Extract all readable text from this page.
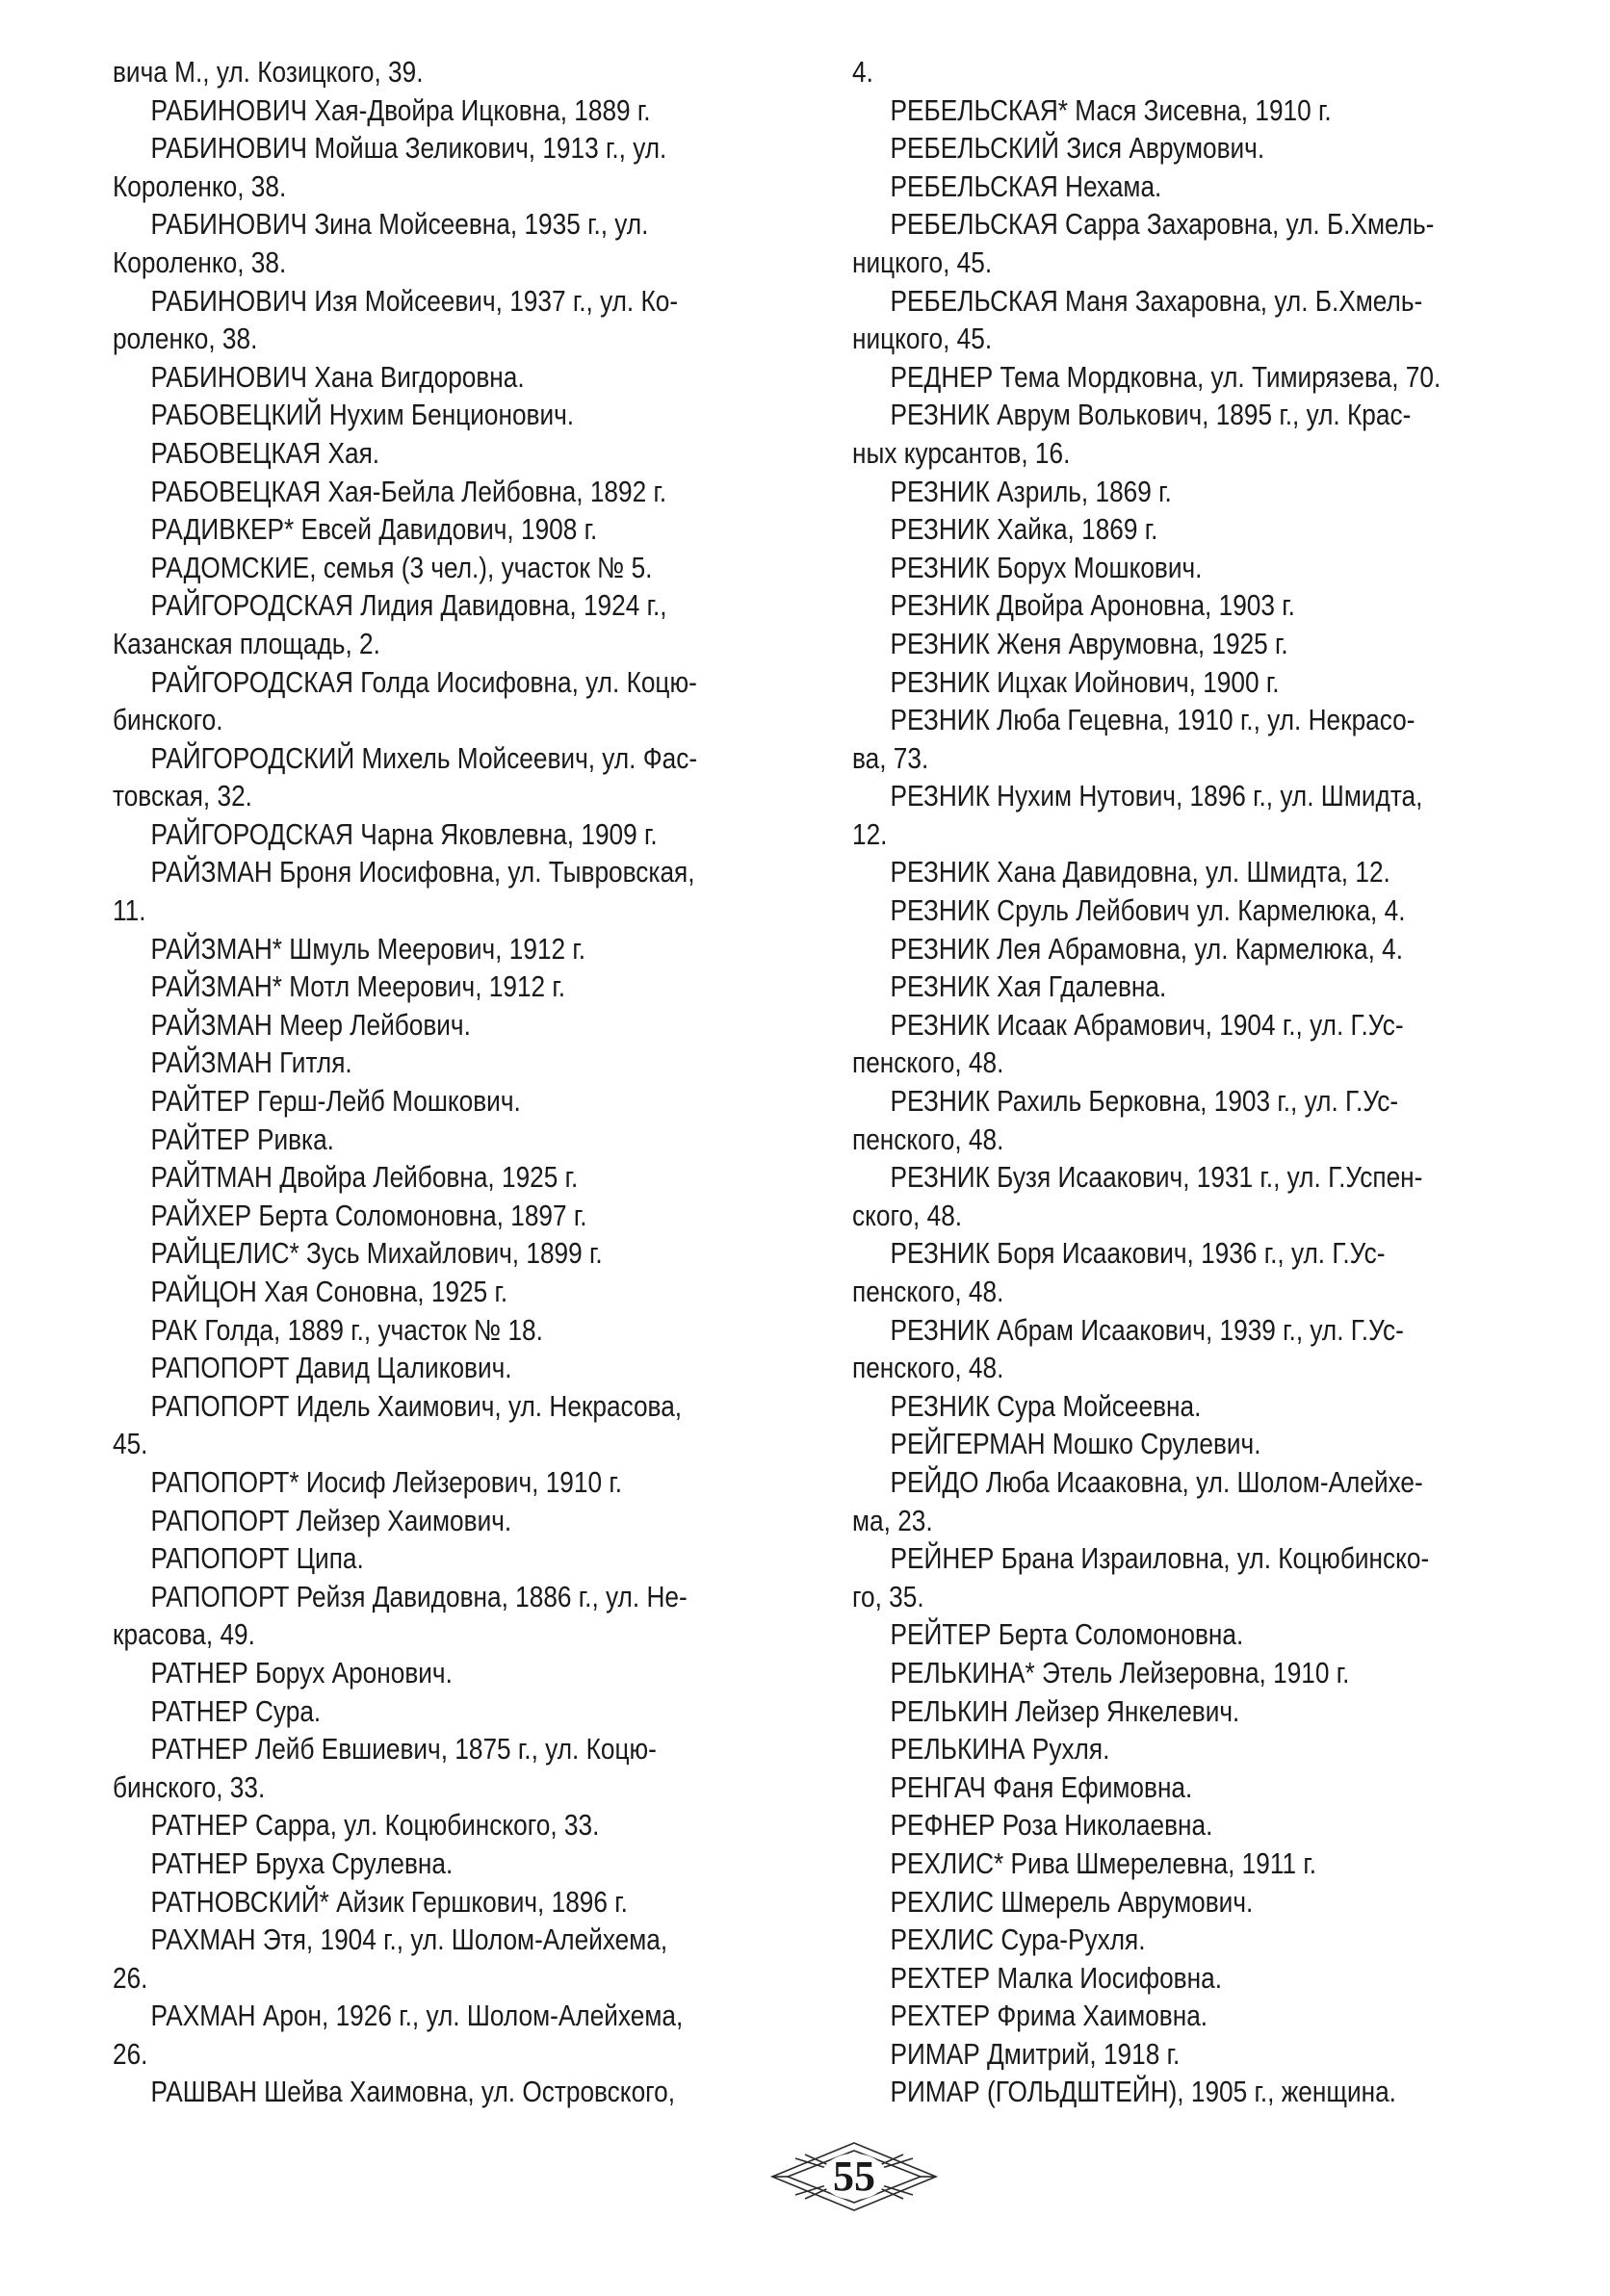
вича М., ул. Козицкого, 39.
РАБИНОВИЧ Хая-Двойра Ицковна, 1889 г.
РАБИНОВИЧ Мойша Зеликович, 1913 г., ул.
Короленко, 38.
РАБИНОВИЧ Зина Мойсеевна, 1935 г., ул.
Короленко, 38.
РАБИНОВИЧ Изя Мойсеевич, 1937 г., ул. Ко-
роленко, 38.
РАБИНОВИЧ Хана Вигдоровна.
РАБОВЕЦКИЙ Нухим Бенционович.
РАБОВЕЦКАЯ Хая.
РАБОВЕЦКАЯ Хая-Бейла Лейбовна, 1892 г.
РАДИВКЕР* Евсей Давидович, 1908 г.
РАДОМСКИЕ, семья (3 чел.), участок № 5.
РАЙГОРОДСКАЯ Лидия Давидовна, 1924 г.,
Казанская площадь, 2.
РАЙГОРОДСКАЯ Голда Иосифовна, ул. Коцю-
бинского.
РАЙГОРОДСКИЙ Михель Мойсеевич, ул. Фас-
товская, 32.
РАЙГОРОДСКАЯ Чарна Яковлевна, 1909 г.
РАЙЗМАН Броня Иосифовна, ул. Тывровская,
11.
РАЙЗМАН* Шмуль Меерович, 1912 г.
РАЙЗМАН* Мотл Меерович, 1912 г.
РАЙЗМАН Меер Лейбович.
РАЙЗМАН Гитля.
РАЙТЕР Герш-Лейб Мошкович.
РАЙТЕР Ривка.
РАЙТМАН Двойра Лейбовна, 1925 г.
РАЙХЕР Берта Соломоновна, 1897 г.
РАЙЦЕЛИС* Зусь Михайлович, 1899 г.
РАЙЦОН Хая Соновна, 1925 г.
РАК Голда, 1889 г., участок № 18.
РАПОПОРТ Давид Цаликович.
РАПОПОРТ Идель Хаимович, ул. Некрасова,
45.
РАПОПОРТ* Иосиф Лейзерович, 1910 г.
РАПОПОРТ Лейзер Хаимович.
РАПОПОРТ Ципа.
РАПОПОРТ Рейзя Давидовна, 1886 г., ул. Не-
красова, 49.
РАТНЕР Борух Аронович.
РАТНЕР Сура.
РАТНЕР Лейб Евшиевич, 1875 г., ул. Коцю-
бинского, 33.
РАТНЕР Сарра, ул. Коцюбинского, 33.
РАТНЕР Бруха Срулевна.
РАТНОВСКИЙ* Айзик Гершкович, 1896 г.
РАХМАН Этя, 1904 г., ул. Шолом-Алейхема,
26.
РАХМАН Арон, 1926 г., ул. Шолом-Алейхема,
26.
РАШВАН Шейва Хаимовна, ул. Островского,
4.
РЕБЕЛЬСКАЯ* Мася Зисевна, 1910 г.
РЕБЕЛЬСКИЙ Зися Аврумович.
РЕБЕЛЬСКАЯ Нехама.
РЕБЕЛЬСКАЯ Сарра Захаровна, ул. Б.Хмель-
ницкого, 45.
РЕБЕЛЬСКАЯ Маня Захаровна, ул. Б.Хмель-
ницкого, 45.
РЕДНЕР Тема Мордковна, ул. Тимирязева, 70.
РЕЗНИК Аврум Волькович, 1895 г., ул. Крас-
ных курсантов, 16.
РЕЗНИК Азриль, 1869 г.
РЕЗНИК Хайка, 1869 г.
РЕЗНИК Борух Мошкович.
РЕЗНИК Двойра Ароновна, 1903 г.
РЕЗНИК Женя Аврумовна, 1925 г.
РЕЗНИК Ицхак Иойнович, 1900 г.
РЕЗНИК Люба Гецевна, 1910 г., ул. Некрасо-
ва, 73.
РЕЗНИК Нухим Нутович, 1896 г., ул. Шмидта,
12.
РЕЗНИК Хана Давидовна, ул. Шмидта, 12.
РЕЗНИК Сруль Лейбович ул. Кармелюка, 4.
РЕЗНИК Лея Абрамовна, ул. Кармелюка, 4.
РЕЗНИК Хая Гдалевна.
РЕЗНИК Исаак Абрамович, 1904 г., ул. Г.Ус-
пенского, 48.
РЕЗНИК Рахиль Берковна, 1903 г., ул. Г.Ус-
пенского, 48.
РЕЗНИК Бузя Исаакович, 1931 г., ул. Г.Успен-
ского, 48.
РЕЗНИК Боря Исаакович, 1936 г., ул. Г.Ус-
пенского, 48.
РЕЗНИК Абрам Исаакович, 1939 г., ул. Г.Ус-
пенского, 48.
РЕЗНИК Сура Мойсеевна.
РЕЙГЕРМАН Мошко Срулевич.
РЕЙДО Люба Исааковна, ул. Шолом-Алейхе-
ма, 23.
РЕЙНЕР Брана Израиловна, ул. Коцюбинско-
го, 35.
РЕЙТЕР Берта Соломоновна.
РЕЛЬКИНА* Этель Лейзеровна, 1910 г.
РЕЛЬКИН Лейзер Янкелевич.
РЕЛЬКИНА Рухля.
РЕНГАЧ Фаня Ефимовна.
РЕФНЕР Роза Николаевна.
РЕХЛИС* Рива Шмерелевна, 1911 г.
РЕХЛИС Шмерель Аврумович.
РЕХЛИС Сура-Рухля.
РЕХТЕР Малка Иосифовна.
РЕХТЕР Фрима Хаимовна.
РИМАР Дмитрий, 1918 г.
РИМАР (ГОЛЬДШТЕЙН), 1905 г., женщина.
55
